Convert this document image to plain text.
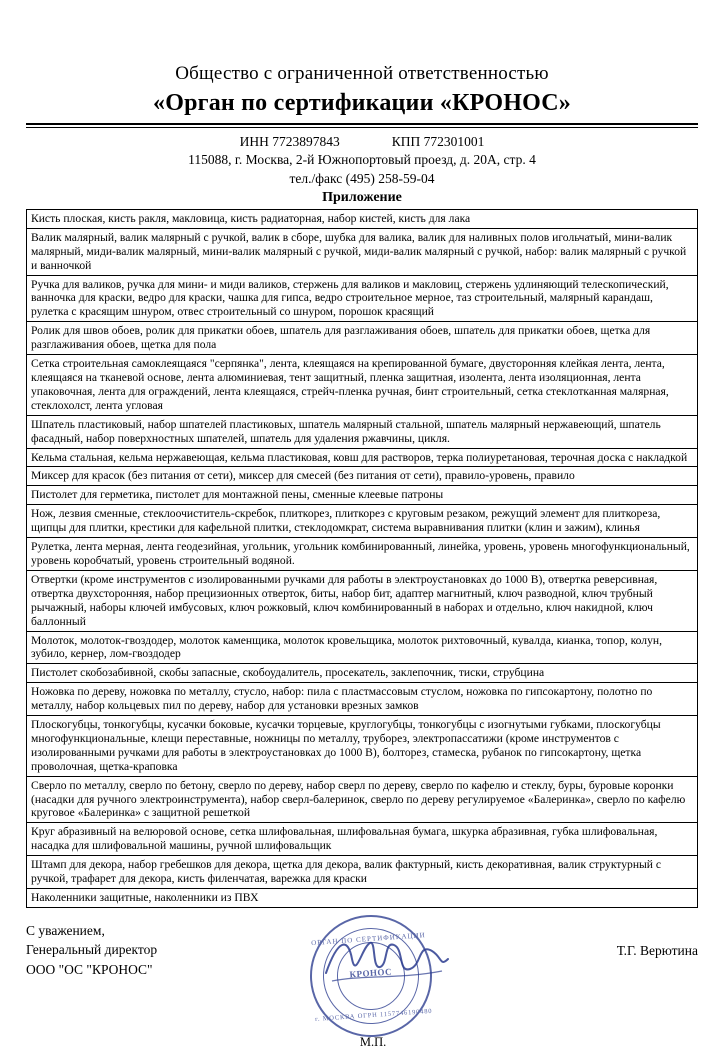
Общество с ограниченной ответственностью
«Орган по сертификации «КРОНОС»
ИНН 7723897843	КПП 772301001
115088, г. Москва, 2-й Южнопортовый проезд, д. 20А, стр. 4
тел./факс (495) 258-59-04
Приложение
Кисть плоская, кисть ракля, макловица, кисть радиаторная, набор кистей, кисть для лака
Валик малярный, валик малярный с ручкой, валик в сборе, шубка для валика, валик для наливных полов игольчатый, мини-валик малярный, миди-валик малярный, мини-валик малярный с ручкой, миди-валик малярный с ручкой, набор: валик малярный с ручкой и ванночкой
Ручка для валиков, ручка для мини- и миди валиков, стержень для валиков и макловиц, стержень удлиняющий телескопический, ванночка для краски, ведро для краски, чашка для гипса, ведро строительное мерное, таз строительный, малярный карандаш, рулетка с красящим шнуром, отвес строительный со шнуром, порошок красящий
Ролик для швов обоев, ролик для прикатки обоев, шпатель для разглаживания обоев, шпатель для прикатки обоев, щетка для разглаживания обоев, щетка для пола
Сетка строительная самоклеящаяся "серпянка", лента, клеящаяся на крепированной бумаге, двусторонняя клейкая лента, лента, клеящаяся на тканевой основе, лента алюминиевая, тент защитный, пленка защитная, изолента, лента изоляционная, лента упаковочная, лента для ограждений, лента клеящаяся, стрейч-пленка ручная, бинт строительный, сетка стеклотканная малярная, стеклохолст, лента угловая
Шпатель пластиковый, набор шпателей пластиковых, шпатель малярный стальной, шпатель малярный нержавеющий, шпатель фасадный, набор поверхностных шпателей, шпатель для удаления ржавчины, цикля.
Кельма стальная, кельма нержавеющая, кельма пластиковая, ковш для растворов, терка полиуретановая, терочная доска с накладкой
Миксер для красок (без питания от сети), миксер для смесей (без питания от сети), правило-уровень, правило
Пистолет для герметика, пистолет для монтажной пены, сменные клеевые патроны
Нож, лезвия сменные, стеклоочиститель-скребок, плиткорез, плиткорез с круговым резаком, режущий элемент для плиткореза, щипцы для плитки, крестики для кафельной плитки, стеклодомкрат, система выравнивания плитки (клин и зажим), клинья
Рулетка, лента мерная, лента геодезийная, угольник, угольник комбинированный, линейка, уровень, уровень многофункциональный, уровень коробчатый, уровень строительный водяной.
Отвертки (кроме инструментов с изолированными ручками для работы в электроустановках до 1000 В), отвертка реверсивная, отвертка двухсторонняя, набор прецизионных отверток, биты, набор бит, адаптер магнитный, ключ разводной, ключ трубный рычажный, наборы ключей имбусовых, ключ рожковый, ключ комбинированный в наборах и отдельно, ключ накидной, ключ баллонный
Молоток, молоток-гвоздодер, молоток каменщика, молоток кровельщика, молоток рихтовочный, кувалда, кианка, топор, колун, зубило, кернер, лом-гвоздодер
Пистолет скобозабивной, скобы запасные, скобоудалитель, просекатель, заклепочник, тиски, струбцина
Ножовка по дереву, ножовка по металлу, стусло, набор: пила с пластмассовым стуслом, ножовка по гипсокартону, полотно по металлу, набор кольцевых пил по дереву, набор для установки врезных замков
Плоскогубцы, тонкогубцы, кусачки боковые, кусачки торцевые, круглогубцы, тонкогубцы с изогнутыми губками, плоскогубцы многофункциональные, клещи переставные, ножницы по металлу, труборез, электропассатижи (кроме инструментов с изолированными ручками для работы в электроустановках до 1000 В), болторез, стамеска, рубанок по гипсокартону, щетка проволочная, щетка-краповка
Сверло по металлу, сверло по бетону, сверло по дереву, набор сверл по дереву, сверло по кафелю и стеклу, буры, буровые коронки (насадки для ручного электроинструмента), набор сверл-балеринок, сверло по дереву регулируемое «Балеринка», сверло по кафелю круговое «Балеринка» с защитной решеткой
Круг абразивный на велюровой основе, сетка шлифовальная, шлифовальная бумага, шкурка абразивная, губка шлифовальная, насадка для шлифовальной машины, ручной шлифовальщик
Штамп для декора, набор гребешков для декора, щетка для декора, валик фактурный, кисть декоративная, валик структурный с ручкой, трафарет для декора, кисть филенчатая, варежка для краски
Наколенники защитные, наколенники из ПВХ
С уважением,
Генеральный директор
ООО "ОС "КРОНОС"
ОРГАН ПО СЕРТИФИКАЦИИ
КРОНОС
г. МОСКВА ОГРН 1157746190480
М.П.
Т.Г. Верютина
